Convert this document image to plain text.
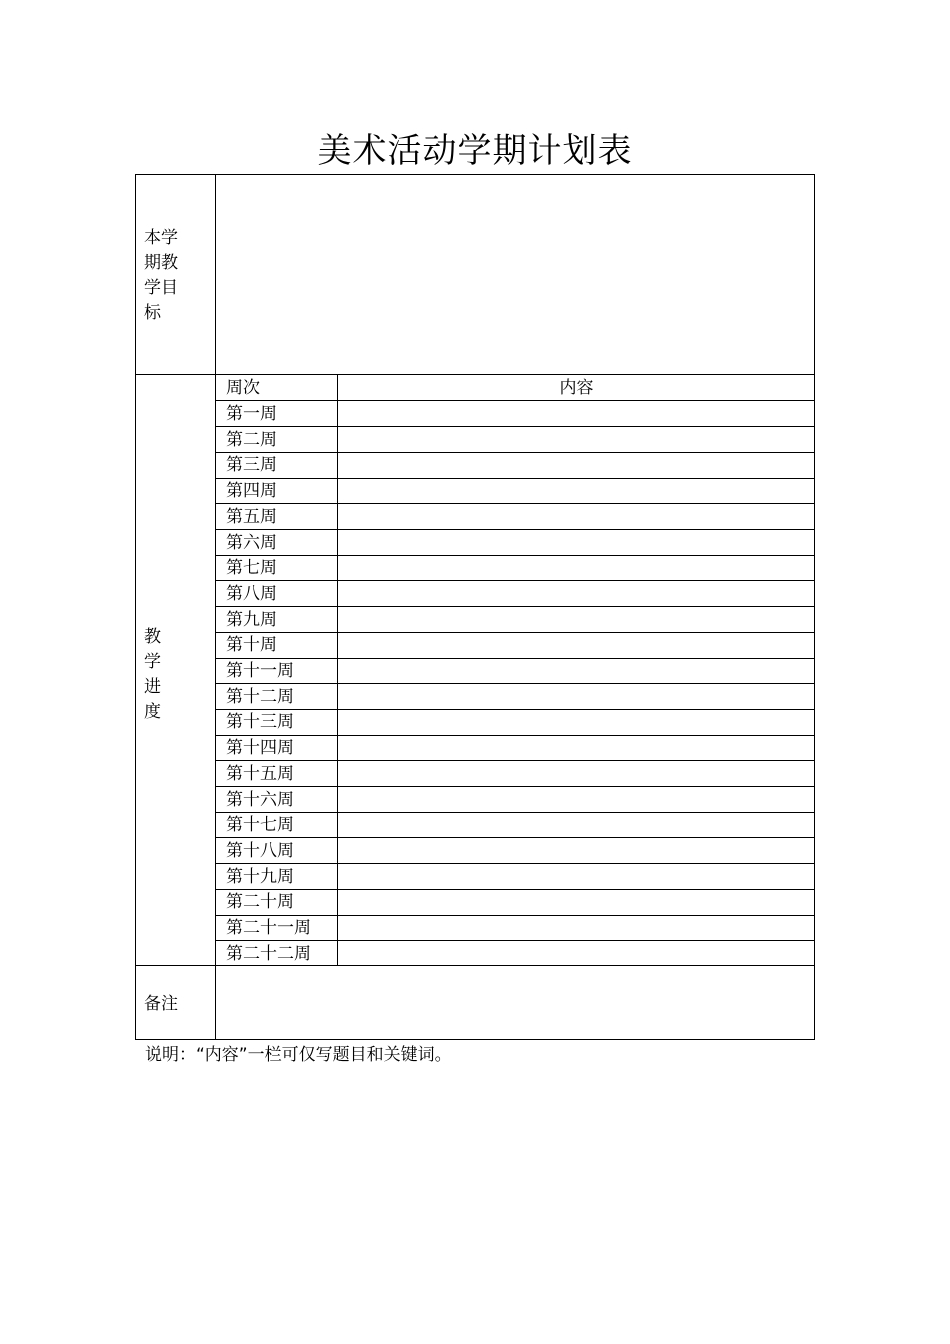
美术活动学期计划表
本学期教学目标
教学进度
周次	内容
第一周
第二周
第三周
第四周
第五周
第六周
第七周
第八周
第九周
第十周
第十一周
第十二周
第十三周
第十四周
第十五周
第十六周
第十七周
第十八周
第十九周
第二十周
第二十一周
第二十二周
备注
说明：“内容”一栏可仅写题目和关键词。
